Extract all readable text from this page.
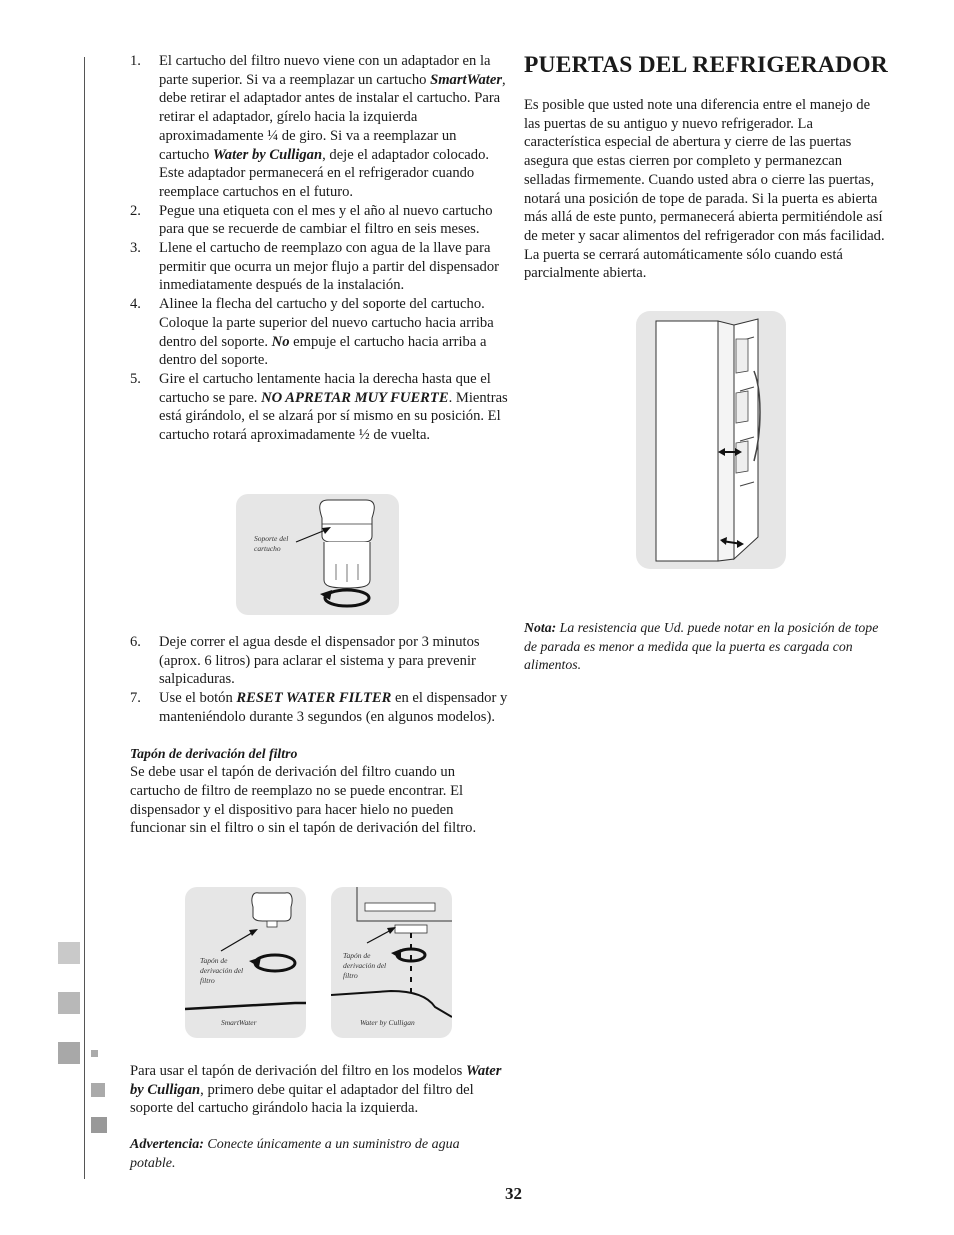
1.	El cartucho del filtro nuevo viene con un adaptador en la parte superior. Si va a reemplazar un cartucho SmartWater, debe retirar el adaptador antes de instalar el cartucho. Para retirar el adaptador, gírelo hacia la izquierda aproximadamente ¼ de giro. Si va a reemplazar un cartucho Water by Culligan, deje el adaptador colocado. Este adaptador permanecerá en el refrigerador cuando reemplace cartuchos en el futuro.
2.	Pegue una etiqueta con el mes y el año al nuevo cartucho para que se recuerde de cambiar el filtro en seis meses.
3.	Llene el cartucho de reemplazo con agua de la llave para permitir que ocurra un mejor flujo a partir del dispensador inmediatamente después de la instalación.
4.	Alinee la flecha del cartucho y del soporte del cartucho. Coloque la parte superior del nuevo cartucho hacia arriba dentro del soporte. No empuje el cartucho hacia arriba a dentro del soporte.
5.	Gire el cartucho lentamente hacia la derecha hasta que el cartucho se pare. NO APRETAR MUY FUERTE. Mientras está girándolo, el se alzará por sí mismo en su posición. El cartucho rotará aproximadamente ½ de vuelta.
Soporte del cartucho
6.	Deje correr el agua desde el dispensador por 3 minutos (aprox. 6 litros) para aclarar el sistema y para prevenir salpicaduras.
7.	Use el botón RESET WATER FILTER en el dispensador y manteniéndolo durante 3 segundos (en algunos modelos).
Tapón de derivación del filtro

Se debe usar el tapón de derivación del filtro cuando un cartucho de filtro de reemplazo no se puede encontrar. El dispensador y el dispositivo para hacer hielo no pueden funcionar sin el filtro o sin el tapón de derivación del filtro.

Tapón de derivación del filtro
SmartWater
Tapón de derivación del filtro
Water by Culligan

Para usar el tapón de derivación del filtro en los modelos Water by Culligan, primero debe quitar el adaptador del filtro del soporte del cartucho girándolo hacia la izquierda.

Advertencia: Conecte únicamente a un suministro de agua potable.

PUERTAS DEL REFRIGERADOR

Es posible que usted note una diferencia entre el manejo de las puertas de su antiguo y nuevo refrigerador. La característica especial de abertura y cierre de las puertas asegura que estas cierren por completo y permanezcan selladas firmemente. Cuando usted abra o cierre las puertas, notará una posición de tope de parada. Si la puerta es abierta más allá de este punto, permanecerá abierta permitiéndole así de meter y sacar alimentos del refrigerador con más facilidad. La puerta se cerrará automáticamente sólo cuando está parcialmente abierta.

Nota: La resistencia que Ud. puede notar en la posición de tope de parada es menor a medida que la puerta es cargada con alimentos.

32
